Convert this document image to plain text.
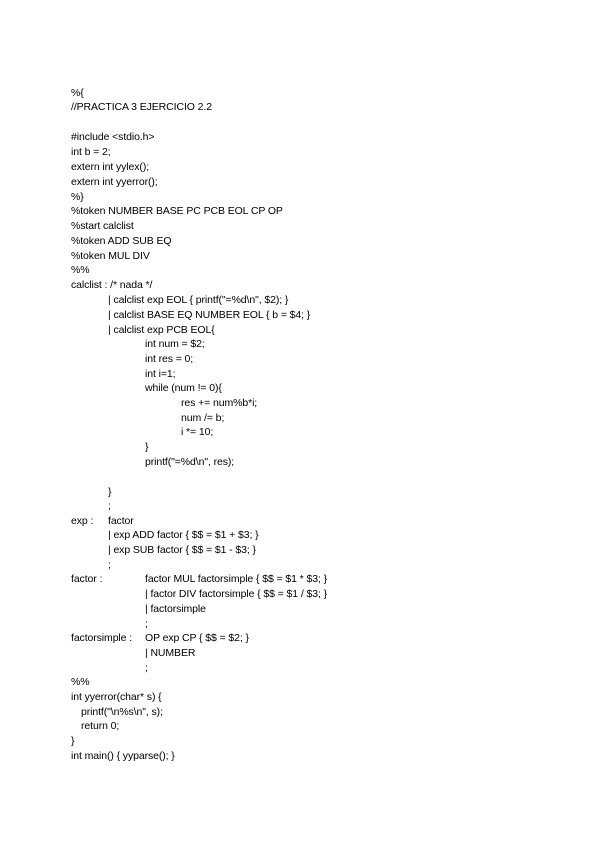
%{
//PRACTICA 3 EJERCICIO 2.2
#include <stdio.h>
int b = 2;
extern int yylex();
extern int yyerror();
%}
%token NUMBER BASE PC PCB EOL CP OP
%start calclist
%token ADD SUB EQ
%token MUL DIV
%%
calclist : /* nada */
| calclist exp EOL { printf("=%d\n", $2); }
| calclist BASE EQ NUMBER EOL { b = $4; }
| calclist exp PCB EOL{
int num = $2;
int res = 0;
int i=1;
while (num != 0){
res += num%b*i;
num /= b;
i *= 10;
}
printf("=%d\n", res);
}
;
exp : factor
| exp ADD factor { $$ = $1 + $3; }
| exp SUB factor { $$ = $1 - $3; }
;
factor :	factor MUL factorsimple { $$ = $1 * $3; }
| factor DIV factorsimple { $$ = $1 / $3; }
| factorsimple
;
factorsimple : OP exp CP { $$ = $2; }
| NUMBER
;
%%
int yyerror(char* s) {
printf("\n%s\n", s);
return 0;
}
int main() { yyparse(); }
